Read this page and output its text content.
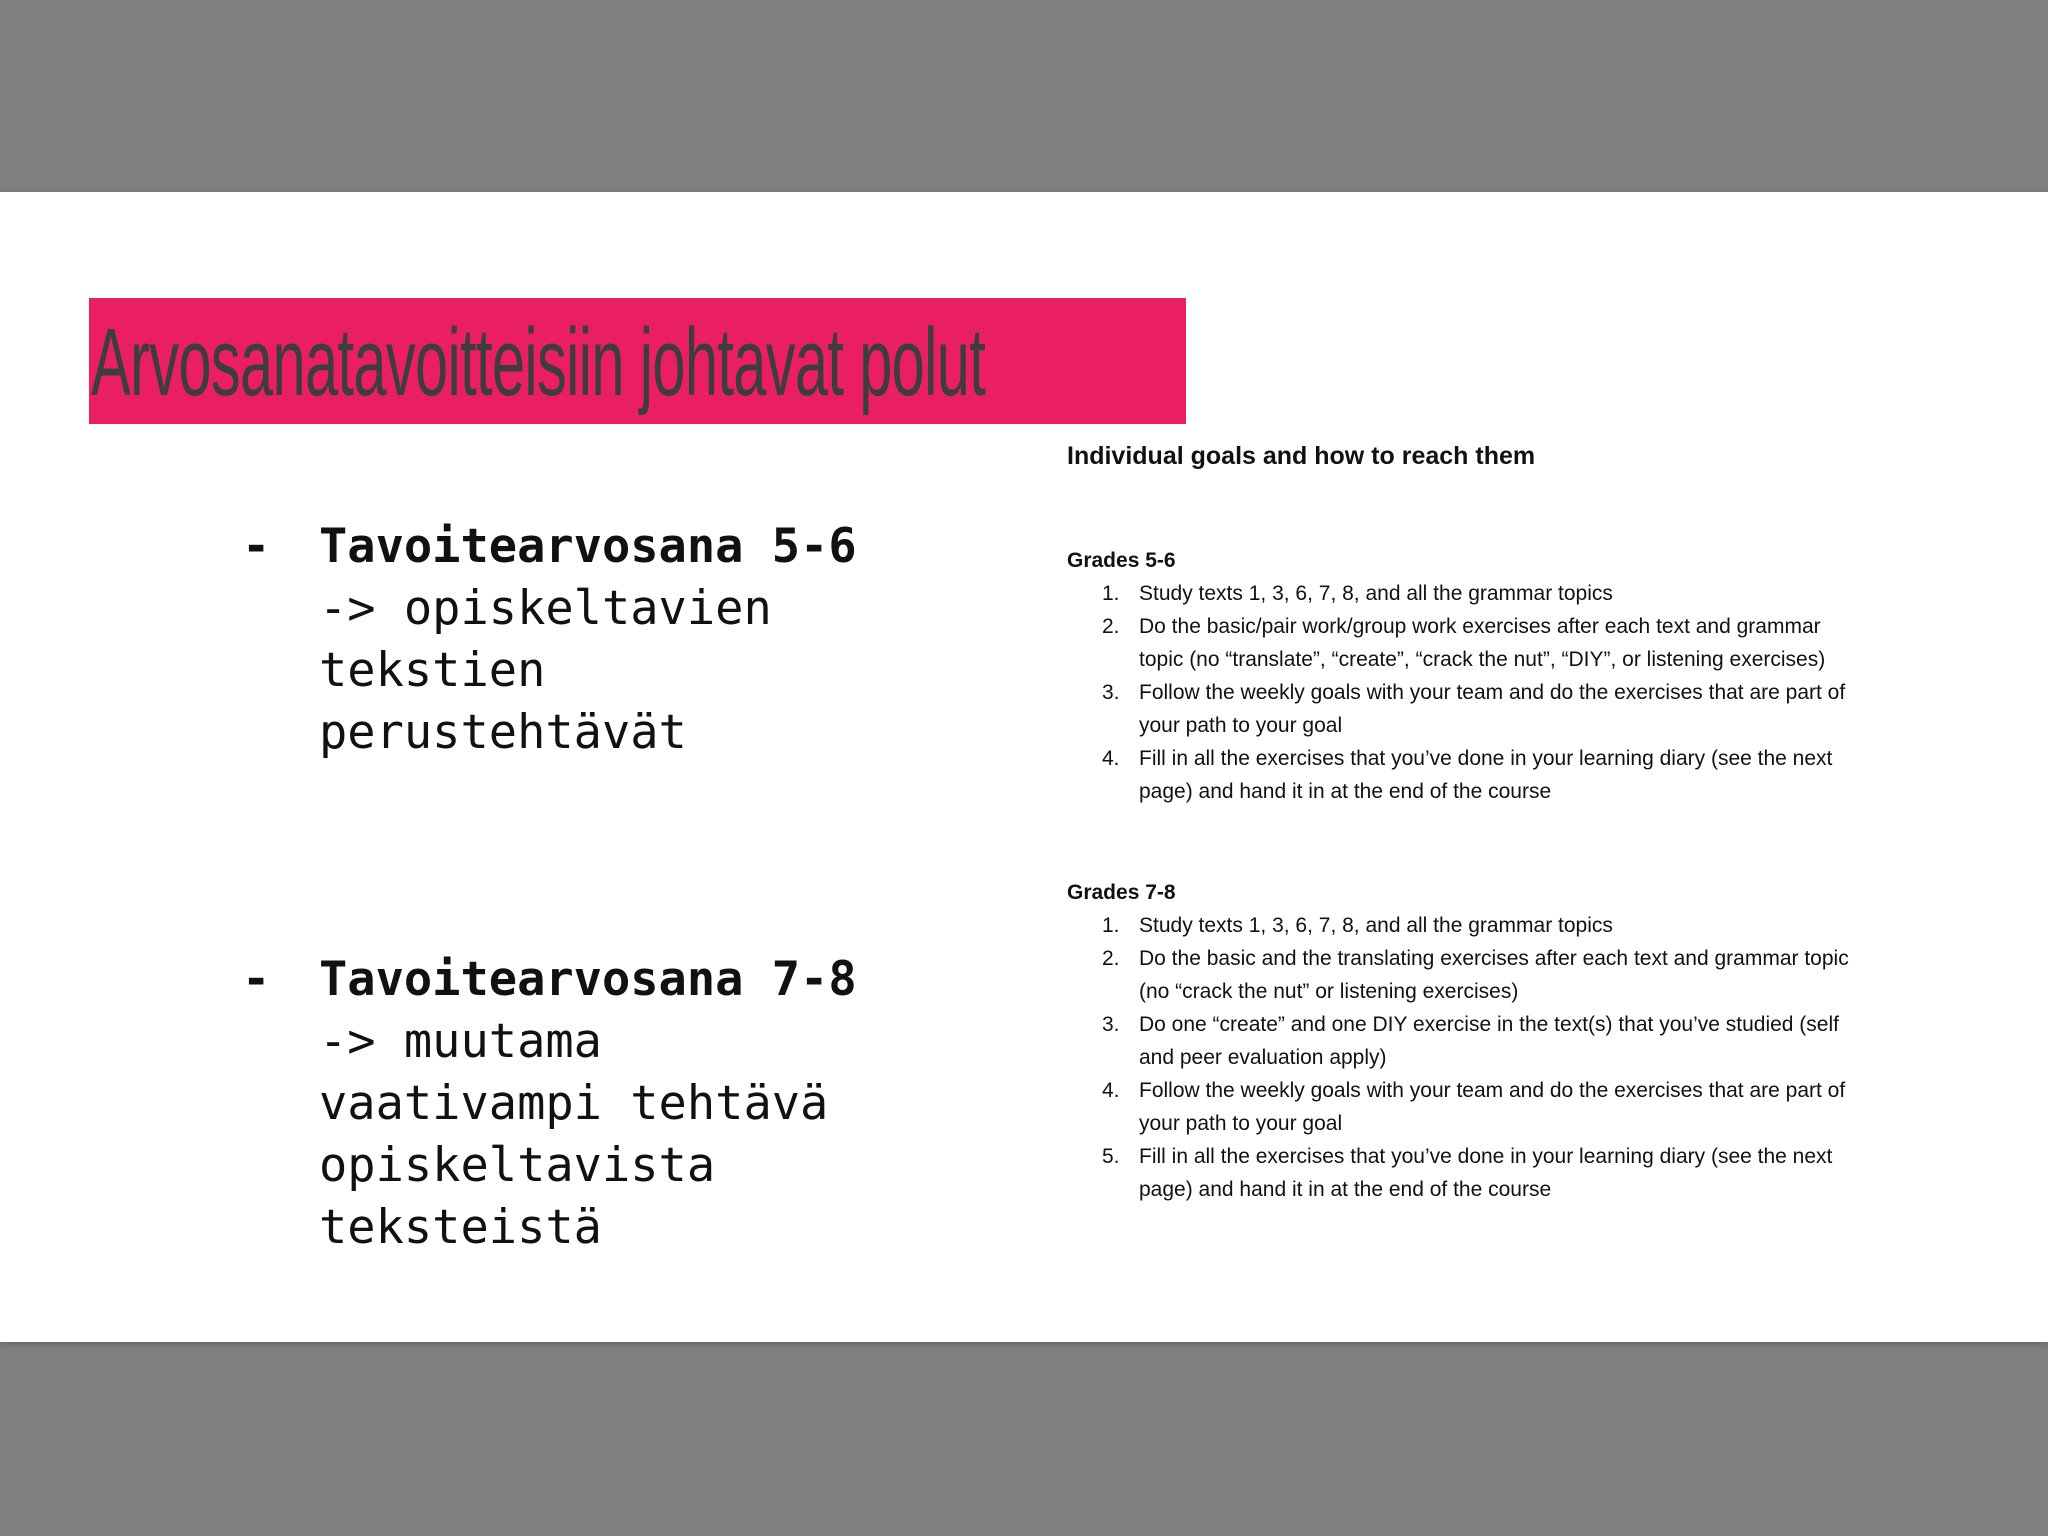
Arvosanatavoitteisiin johtavat polut
-	Tavoitearvosana 5-6
-> opiskeltavien
tekstien
perustehtävät
-	Tavoitearvosana 7-8
-> muutama
vaativampi tehtävä
opiskeltavista
teksteistä
Individual goals and how to reach them
Grades 5-6
1. Study texts 1, 3, 6, 7, 8, and all the grammar topics
2. Do the basic/pair work/group work exercises after each text and grammar
topic (no “translate”, “create”, “crack the nut”, “DIY”, or listening exercises)
3. Follow the weekly goals with your team and do the exercises that are part of
your path to your goal
4. Fill in all the exercises that you’ve done in your learning diary (see the next
page) and hand it in at the end of the course
Grades 7-8
1. Study texts 1, 3, 6, 7, 8, and all the grammar topics
2. Do the basic and the translating exercises after each text and grammar topic
(no “crack the nut” or listening exercises)
3. Do one “create” and one DIY exercise in the text(s) that you’ve studied (self
and peer evaluation apply)
4. Follow the weekly goals with your team and do the exercises that are part of
your path to your goal
5. Fill in all the exercises that you’ve done in your learning diary (see the next
page) and hand it in at the end of the course
